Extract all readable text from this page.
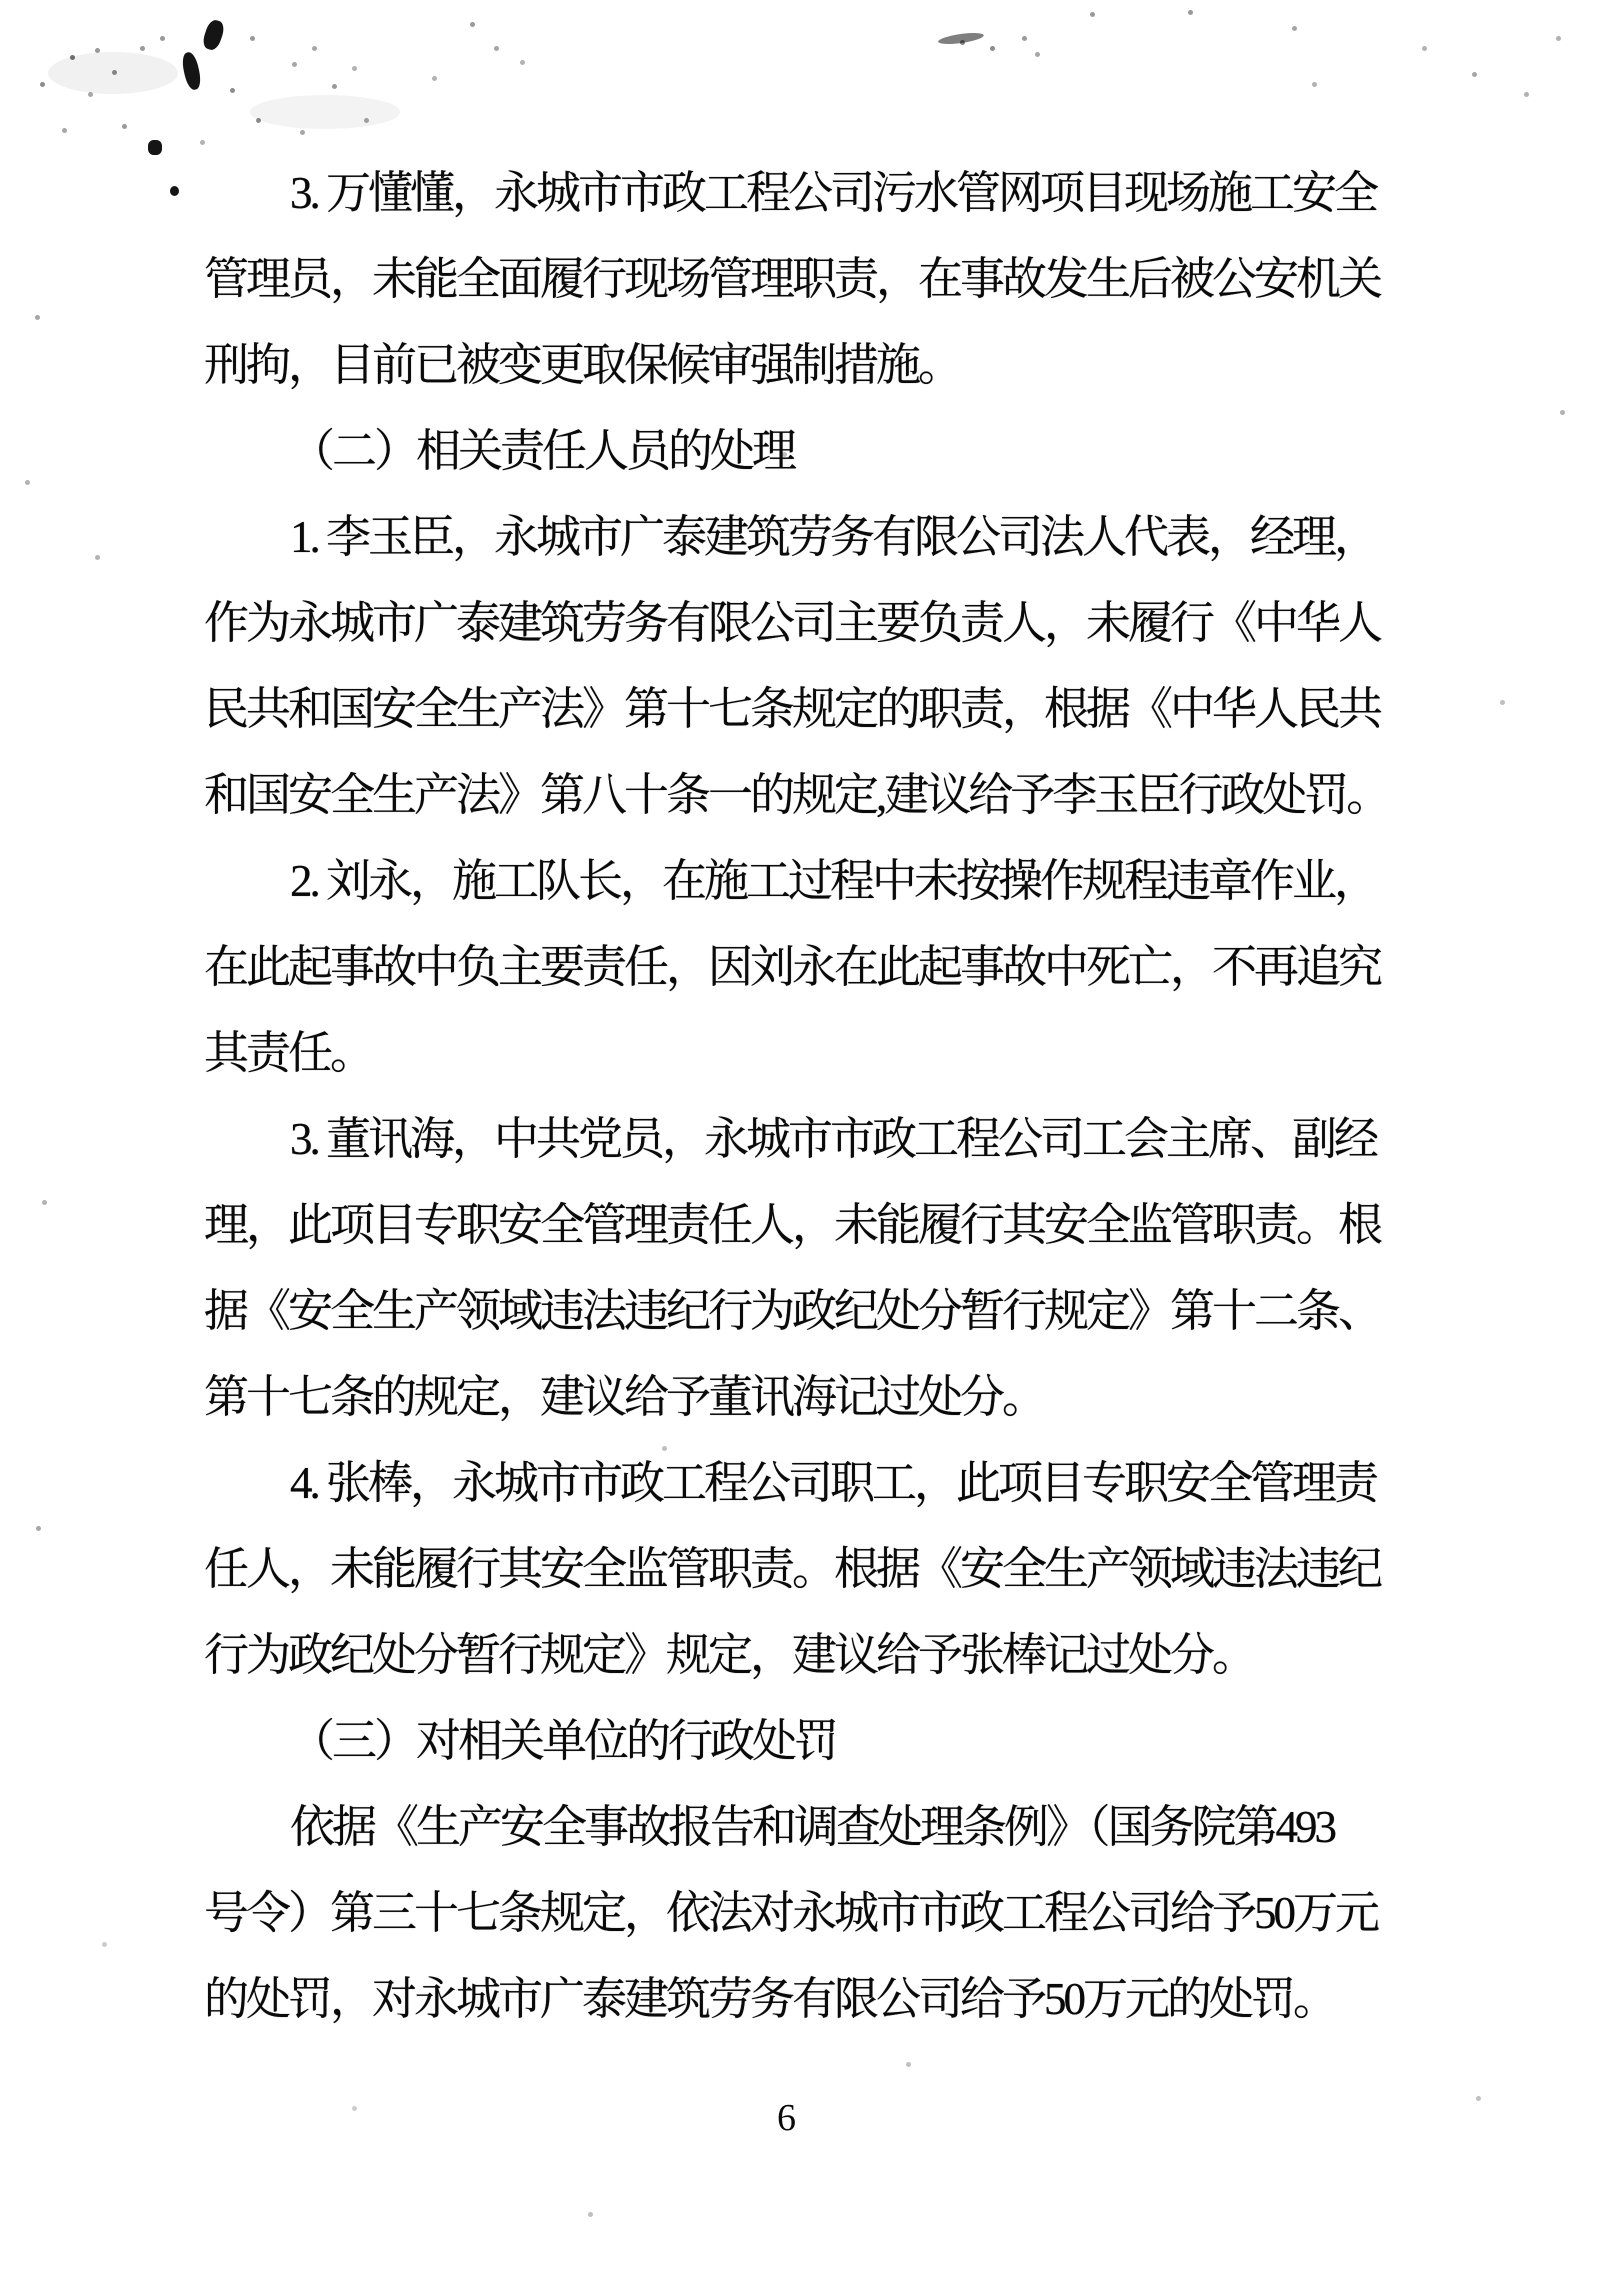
3. 万懂懂，永城市市政工程公司污水管网项目现场施工安全
管理员，未能全面履行现场管理职责，在事故发生后被公安机关
刑拘，目前已被变更取保候审强制措施。
（二）相关责任人员的处理
1. 李玉臣，永城市广泰建筑劳务有限公司法人代表，经理，
作为永城市广泰建筑劳务有限公司主要负责人，未履行《中华人
民共和国安全生产法》第十七条规定的职责，根据《中华人民共
和国安全生产法》第八十条一的规定,建议给予李玉臣行政处罚。
2. 刘永，施工队长，在施工过程中未按操作规程违章作业，
在此起事故中负主要责任，因刘永在此起事故中死亡，不再追究
其责任。
3. 董讯海，中共党员，永城市市政工程公司工会主席、副经
理，此项目专职安全管理责任人，未能履行其安全监管职责。根
据《安全生产领域违法违纪行为政纪处分暂行规定》第十二条、
第十七条的规定，建议给予董讯海记过处分。
4. 张棒，永城市市政工程公司职工，此项目专职安全管理责
任人，未能履行其安全监管职责。根据《安全生产领域违法违纪
行为政纪处分暂行规定》规定，建议给予张棒记过处分。
（三）对相关单位的行政处罚
依据《生产安全事故报告和调查处理条例》（国务院第493
号令）第三十七条规定，依法对永城市市政工程公司给予50万元
的处罚，对永城市广泰建筑劳务有限公司给予50万元的处罚。
6
